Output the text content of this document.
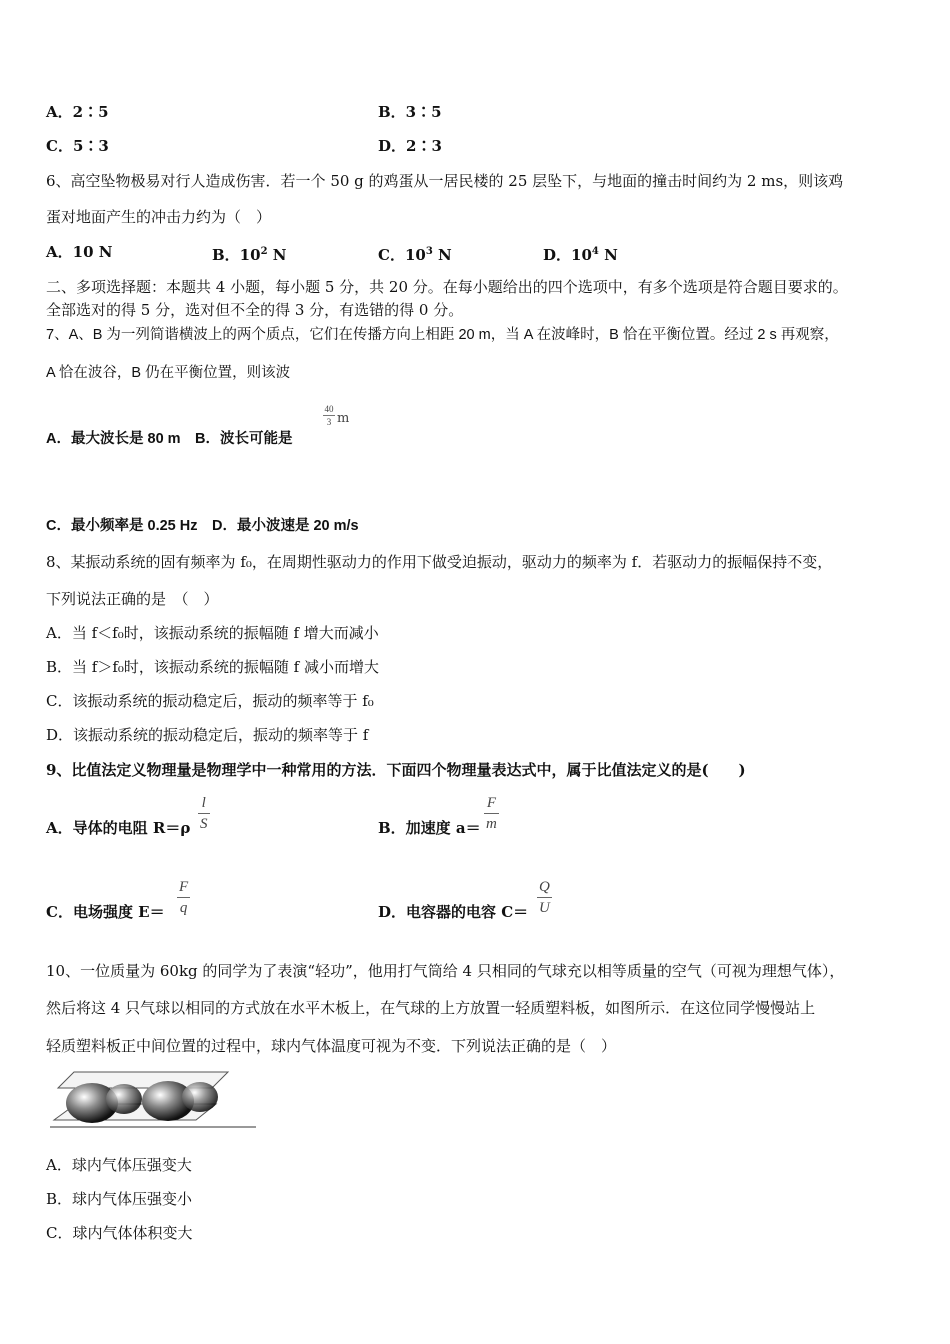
A．2∶5	B．3∶5
C．5∶3	D．2∶3
6、高空坠物极易对行人造成伤害．若一个 50 g 的鸡蛋从一居民楼的 25 层坠下，与地面的撞击时间约为 2 ms，则该鸡
蛋对地面产生的冲击力约为（　）
A．10 N	B．$10^2$ N	C．$10^3$ N	D．$10^4$ N
二、多项选择题：本题共 4 小题，每小题 5 分，共 20 分。在每小题给出的四个选项中，有多个选项是符合题目要求的。
全部选对的得 5 分，选对但不全的得 3 分，有选错的得 0 分。
7、A、B 为一列简谐横波上的两个质点，它们在传播方向上相距 20 m，当 A 在波峰时，B 恰在平衡位置。经过 2 s 再观察，
A 恰在波谷，B 仍在平衡位置，则该波
A．最大波长是 80 m　B．波长可能是
40
3 m
C．最小频率是 0.25 Hz　D．最小波速是 20 m/s
8、某振动系统的固有频率为 f₀，在周期性驱动力的作用下做受迫振动，驱动力的频率为 f．若驱动力的振幅保持不变，
下列说法正确的是　（　）
A．当 f＜f₀时，该振动系统的振幅随 f 增大而减小
B．当 f＞f₀时，该振动系统的振幅随 f 减小而增大
C．该振动系统的振动稳定后，振动的频率等于 f₀
D．该振动系统的振动稳定后，振动的频率等于 f
9、比值法定义物理量是物理学中一种常用的方法．下面四个物理量表达式中，属于比值法定义的是(　　)
A．导体的电阻 R＝ρ
l
S	B．加速度 a＝
F
m
C．电场强度 E＝
F
q	D．电容器的电容 C＝
Q
U
10、一位质量为 60kg 的同学为了表演“轻功”，他用打气筒给 4 只相同的气球充以相等质量的空气（可视为理想气体），
然后将这 4 只气球以相同的方式放在水平木板上，在气球的上方放置一轻质塑料板，如图所示．在这位同学慢慢站上
轻质塑料板正中间位置的过程中，球内气体温度可视为不变．下列说法正确的是（　）
A．球内气体压强变大
B．球内气体压强变小
C．球内气体体积变大
